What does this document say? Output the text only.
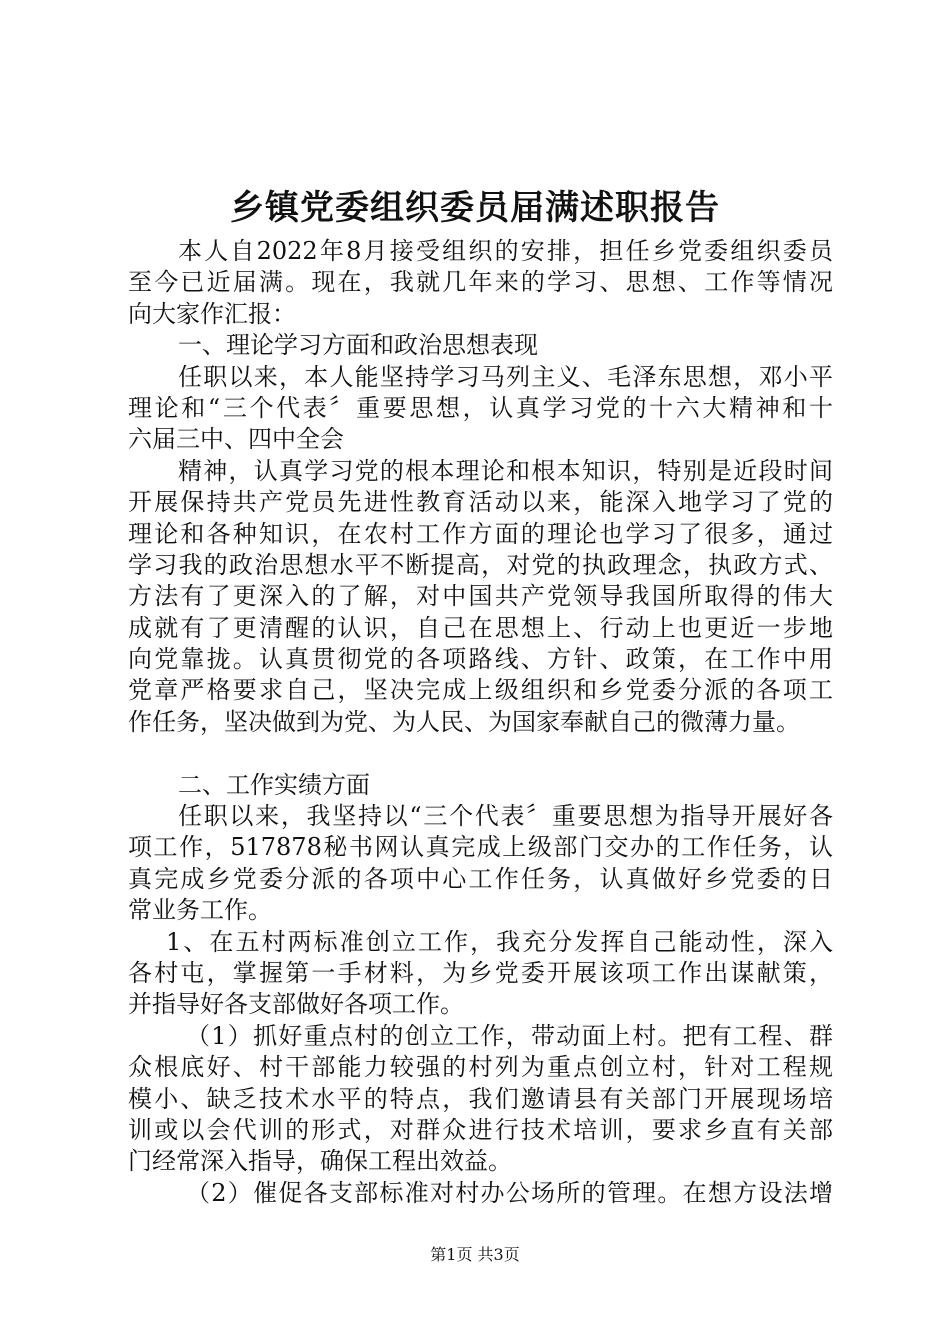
乡镇党委组织委员届满述职报告
本人自2022年8月接受组织的安排，担任乡党委组织委员
至今已近届满。现在，我就几年来的学习、思想、工作等情况
向大家作汇报：
一、理论学习方面和政治思想表现
任职以来，本人能坚持学习马列主义、毛泽东思想，邓小平
理论和“三个代表〞重要思想，认真学习党的十六大精神和十
六届三中、四中全会
精神，认真学习党的根本理论和根本知识，特别是近段时间
开展保持共产党员先进性教育活动以来，能深入地学习了党的
理论和各种知识，在农村工作方面的理论也学习了很多，通过
学习我的政治思想水平不断提高，对党的执政理念，执政方式、
方法有了更深入的了解，对中国共产党领导我国所取得的伟大
成就有了更清醒的认识，自己在思想上、行动上也更近一步地
向党靠拢。认真贯彻党的各项路线、方针、政策，在工作中用
党章严格要求自己，坚决完成上级组织和乡党委分派的各项工
作任务，坚决做到为党、为人民、为国家奉献自己的微薄力量。
二、工作实绩方面
任职以来，我坚持以“三个代表〞重要思想为指导开展好各
项工作，517878秘书网认真完成上级部门交办的工作任务，认
真完成乡党委分派的各项中心工作任务，认真做好乡党委的日
常业务工作。
1、在五村两标准创立工作，我充分发挥自己能动性，深入
各村屯，掌握第一手材料，为乡党委开展该项工作出谋献策，
并指导好各支部做好各项工作。
（1）抓好重点村的创立工作，带动面上村。把有工程、群
众根底好、村干部能力较强的村列为重点创立村，针对工程规
模小、缺乏技术水平的特点，我们邀请县有关部门开展现场培
训或以会代训的形式，对群众进行技术培训，要求乡直有关部
门经常深入指导，确保工程出效益。
（2）催促各支部标准对村办公场所的管理。在想方设法增
第1页 共3页
